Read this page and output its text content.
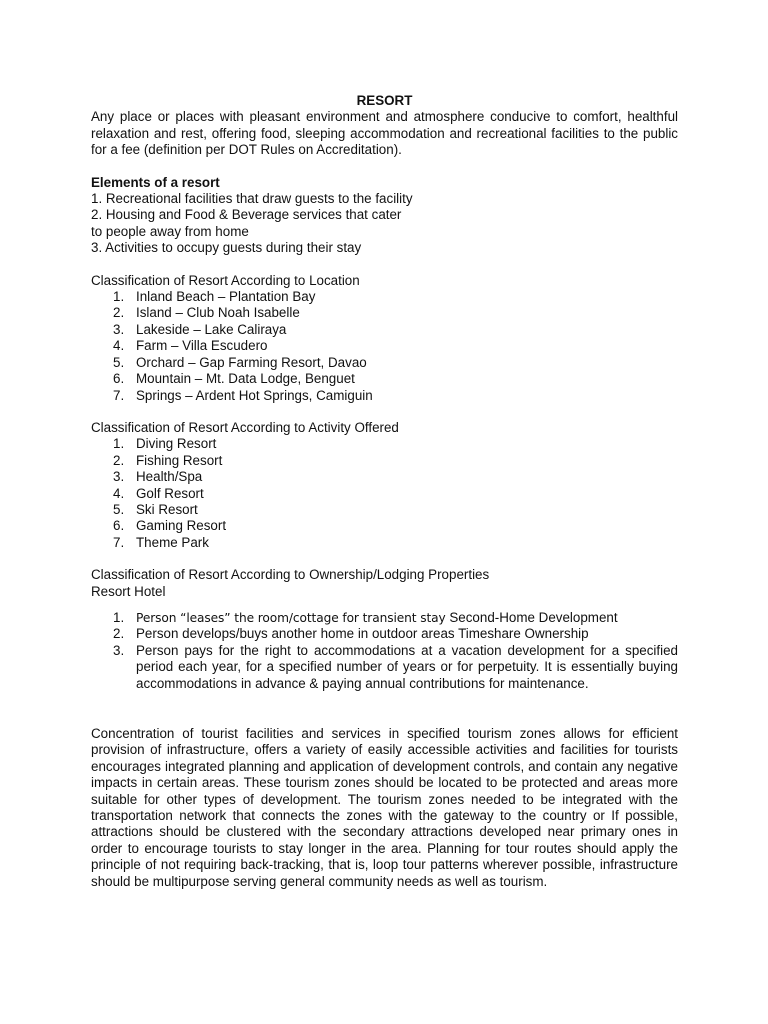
RESORT

Any place or places with pleasant environment and atmosphere conducive to comfort, healthful relaxation and rest, offering food, sleeping accommodation and recreational facilities to the public for a fee (definition per DOT Rules on Accreditation).

Elements of a resort

1. Recreational facilities that draw guests to the facility

2. Housing and Food & Beverage services that cater

to people away from home

3. Activities to occupy guests during their stay

Classification of Resort According to Location

1. Inland Beach – Plantation Bay
2. Island – Club Noah Isabelle
3. Lakeside – Lake Caliraya
4. Farm – Villa Escudero
5. Orchard – Gap Farming Resort, Davao
6. Mountain – Mt. Data Lodge, Benguet
7. Springs – Ardent Hot Springs, Camiguin

Classification of Resort According to Activity Offered

1. Diving Resort
2. Fishing Resort
3. Health/Spa
4. Golf Resort
5. Ski Resort
6. Gaming Resort
7. Theme Park

Classification of Resort According to Ownership/Lodging Properties

Resort Hotel

1. Person “leases” the room/cottage for transient stay Second-Home Development
2. Person develops/buys another home in outdoor areas Timeshare Ownership
3. Person pays for the right to accommodations at a vacation development for a specified period each year, for a specified number of years or for perpetuity. It is essentially buying accommodations in advance & paying annual contributions for maintenance.

Concentration of tourist facilities and services in specified tourism zones allows for efficient provision of infrastructure, offers a variety of easily accessible activities and facilities for tourists encourages integrated planning and application of development controls, and contain any negative impacts in certain areas. These tourism zones should be located to be protected and areas more suitable for other types of development. The tourism zones needed to be integrated with the transportation network that connects the zones with the gateway to the country or If possible, attractions should be clustered with the secondary attractions developed near primary ones in order to encourage tourists to stay longer in the area. Planning for tour routes should apply the principle of not requiring back-tracking, that is, loop tour patterns wherever possible, infrastructure should be multipurpose serving general community needs as well as tourism.
